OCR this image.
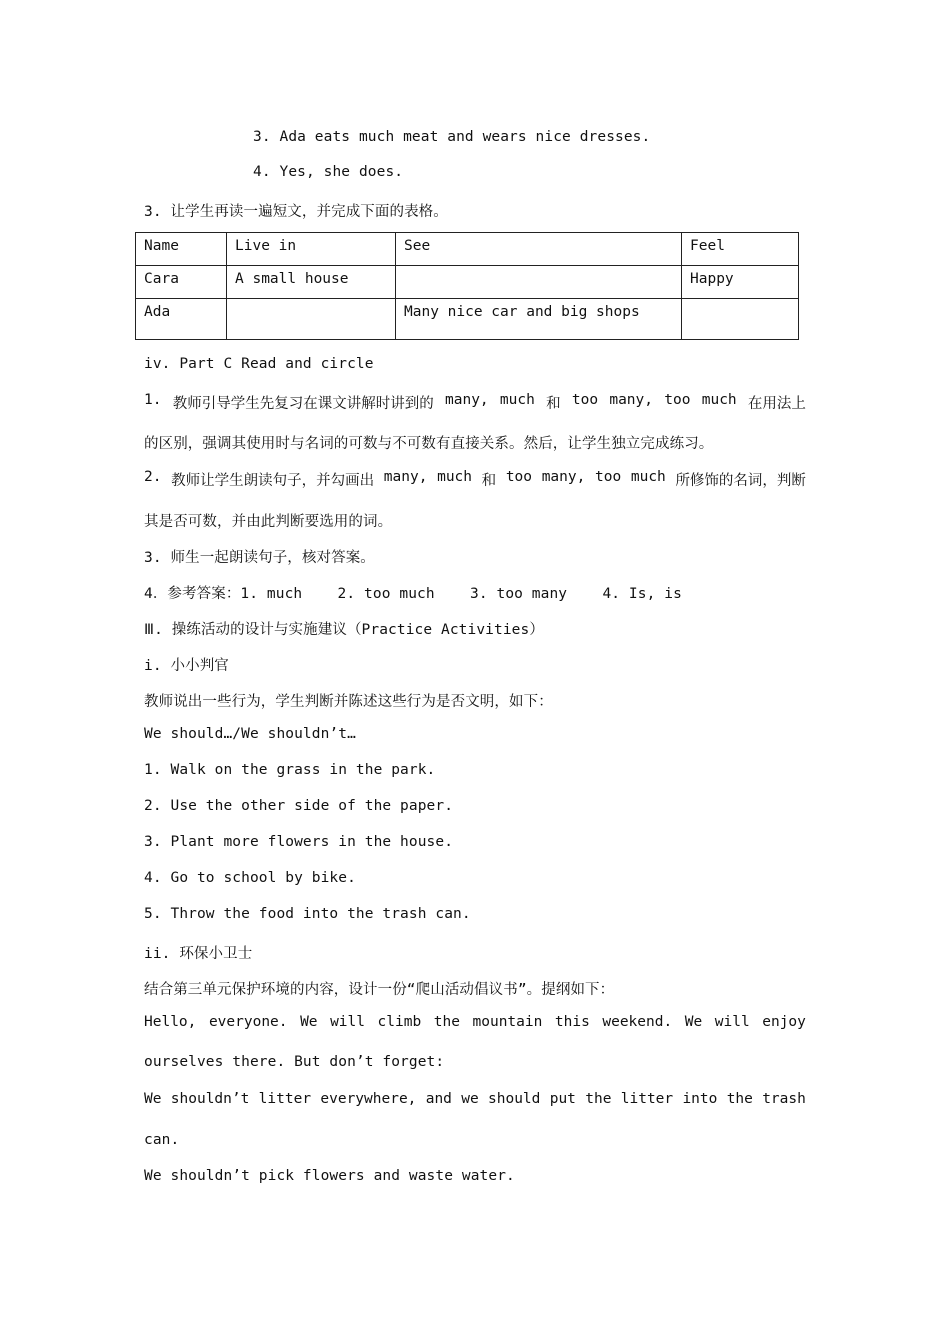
3. Ada eats much meat and wears nice dresses.
4. Yes, she does.
3. 让学生再读一遍短文，并完成下面的表格。
Name	Live in	See	Feel
Cara	A small house		Happy
Ada		Many nice car and big shops	
iv. Part C Read and circle
1. 教师引导学生先复习在课文讲解时讲到的 many, much 和 too many, too much 在用法上
的区别，强调其使用时与名词的可数与不可数有直接关系。然后，让学生独立完成练习。
2. 教师让学生朗读句子，并勾画出 many, much 和 too many, too much 所修饰的名词，判断
其是否可数，并由此判断要选用的词。
3. 师生一起朗读句子，核对答案。
4．参考答案：1. much    2. too much    3. too many    4. Is, is
Ⅲ. 操练活动的设计与实施建议（Practice Activities）
i. 小小判官
教师说出一些行为，学生判断并陈述这些行为是否文明，如下：
We should…/We shouldn’t…
1. Walk on the grass in the park.
2. Use the other side of the paper.
3. Plant more flowers in the house.
4. Go to school by bike.
5. Throw the food into the trash can.
ii. 环保小卫士
结合第三单元保护环境的内容，设计一份“爬山活动倡议书”。提纲如下：
Hello, everyone. We will climb the mountain this weekend. We will enjoy
ourselves there. But don’t forget:
We shouldn’t litter everywhere, and we should put the litter into the trash
can.
We shouldn’t pick flowers and waste water.
